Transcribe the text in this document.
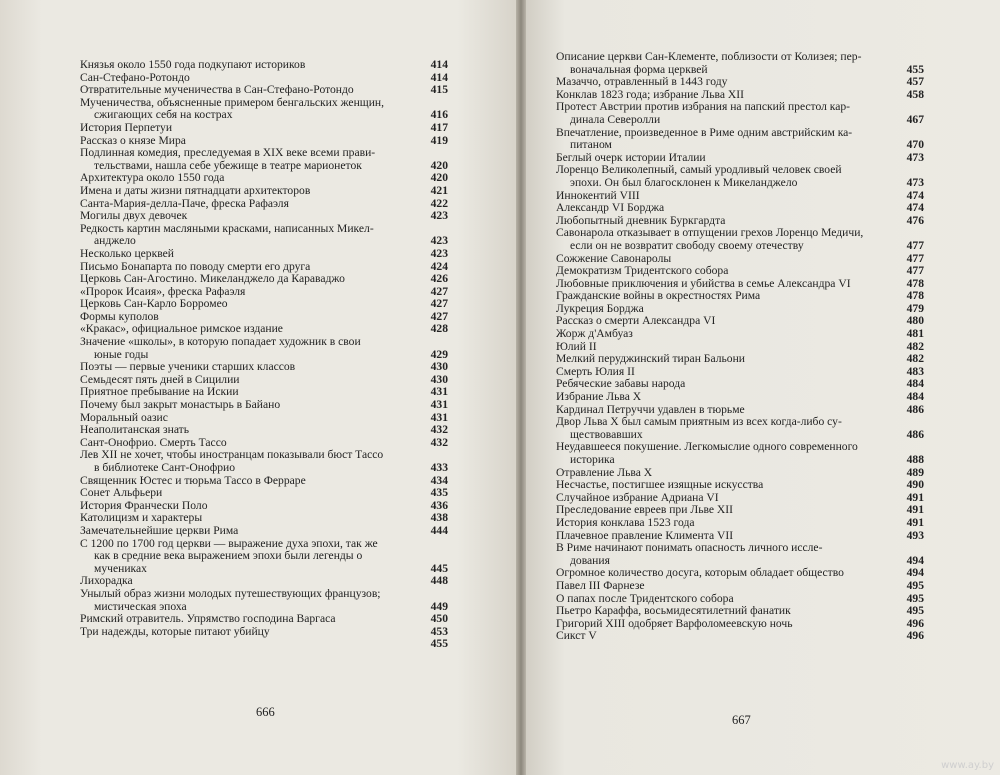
Князья около 1550 года подкупают историков	414
Сан-Стефано-Ротондо	414
Отвратительные мученичества в Сан-Стефано-Ротондо	415
Мученичества, объясненные примером бенгальских женщин,
сжигающих себя на кострах	416
История Перпетуи	417
Рассказ о князе Мира	419
Подлинная комедия, преследуемая в XIX веке всеми прави-
тельствами, нашла себе убежище в театре марионеток	420
Архитектура около 1550 года	420
Имена и даты жизни пятнадцати архитекторов	421
Санта-Мария-делла-Паче, фреска Рафаэля	422
Могилы двух девочек	423
Редкость картин масляными красками, написанных Микел-
анджело	423
Несколько церквей	423
Письмо Бонапарта по поводу смерти его друга	424
Церковь Сан-Агостино. Микеланджело да Караваджо	426
«Пророк Исаия», фреска Рафаэля	427
Церковь Сан-Карло Борромео	427
Формы куполов	427
«Кракас», официальное римское издание	428
Значение «школы», в которую попадает художник в свои
юные годы	429
Поэты — первые ученики старших классов	430
Семьдесят пять дней в Сицилии	430
Приятное пребывание на Искии	431
Почему был закрыт монастырь в Байано	431
Моральный оазис	431
Неаполитанская знать	432
Сант-Онофрио. Смерть Тассо	432
Лев XII не хочет, чтобы иностранцам показывали бюст Тассо
в библиотеке Сант-Онофрио	433
Священник Юстес и тюрьма Тассо в Ферраре	434
Сонет Альфьери	435
История Франчески Поло	436
Католицизм и характеры	438
Замечательнейшие церкви Рима	444
С 1200 по 1700 год церкви — выражение духа эпохи, так же
как в средние века выражением эпохи были легенды о мучениках	445
Лихорадка	448
Унылый образ жизни молодых путешествующих французов;
мистическая эпоха	449
Римский отравитель. Упрямство господина Варгаса	450
Три надежды, которые питают убийцу	453
455
Описание церкви Сан-Клементе, поблизости от Колизея; пер-
воначальная форма церквей	455
Мазаччо, отравленный в 1443 году	457
Конклав 1823 года; избрание Льва XII	458
Протест Австрии против избрания на папский престол кар-
динала Северолли	467
Впечатление, произведенное в Риме одним австрийским ка-
питаном	470
Беглый очерк истории Италии	473
Лоренцо Великолепный, самый уродливый человек своей
эпохи. Он был благосклонен к Микеланджело	473
Иннокентий VIII	474
Александр VI Борджа	474
Любопытный дневник Буркгардта	476
Савонарола отказывает в отпущении грехов Лоренцо Медичи,
если он не возвратит свободу своему отечеству	477
Сожжение Савонаролы	477
Демократизм Тридентского собора	477
Любовные приключения и убийства в семье Александра VI	478
Гражданские войны в окрестностях Рима	478
Лукреция Борджа	479
Рассказ о смерти Александра VI	480
Жорж д'Амбуаз	481
Юлий II	482
Мелкий перуджинский тиран Бальони	482
Смерть Юлия II	483
Ребяческие забавы народа	484
Избрание Льва X	484
Кардинал Петруччи удавлен в тюрьме	486
Двор Льва X был самым приятным из всех когда-либо су-
ществовавших	486
Неудавшееся покушение. Легкомыслие одного современного
историка	488
Отравление Льва X	489
Несчастье, постигшее изящные искусства	490
Случайное избрание Адриана VI	491
Преследование евреев при Льве XII	491
История конклава 1523 года	491
Плачевное правление Климента VII	493
В Риме начинают понимать опасность личного иссле-
дования	494
Огромное количество досуга, которым обладает общество	494
Павел III Фарнезе	495
О папах после Тридентского собора	495
Пьетро Караффа, восьмидесятилетний фанатик	495
Григорий XIII одобряет Варфоломеевскую ночь	496
Сикст V	496
666
667
www.ay.by
